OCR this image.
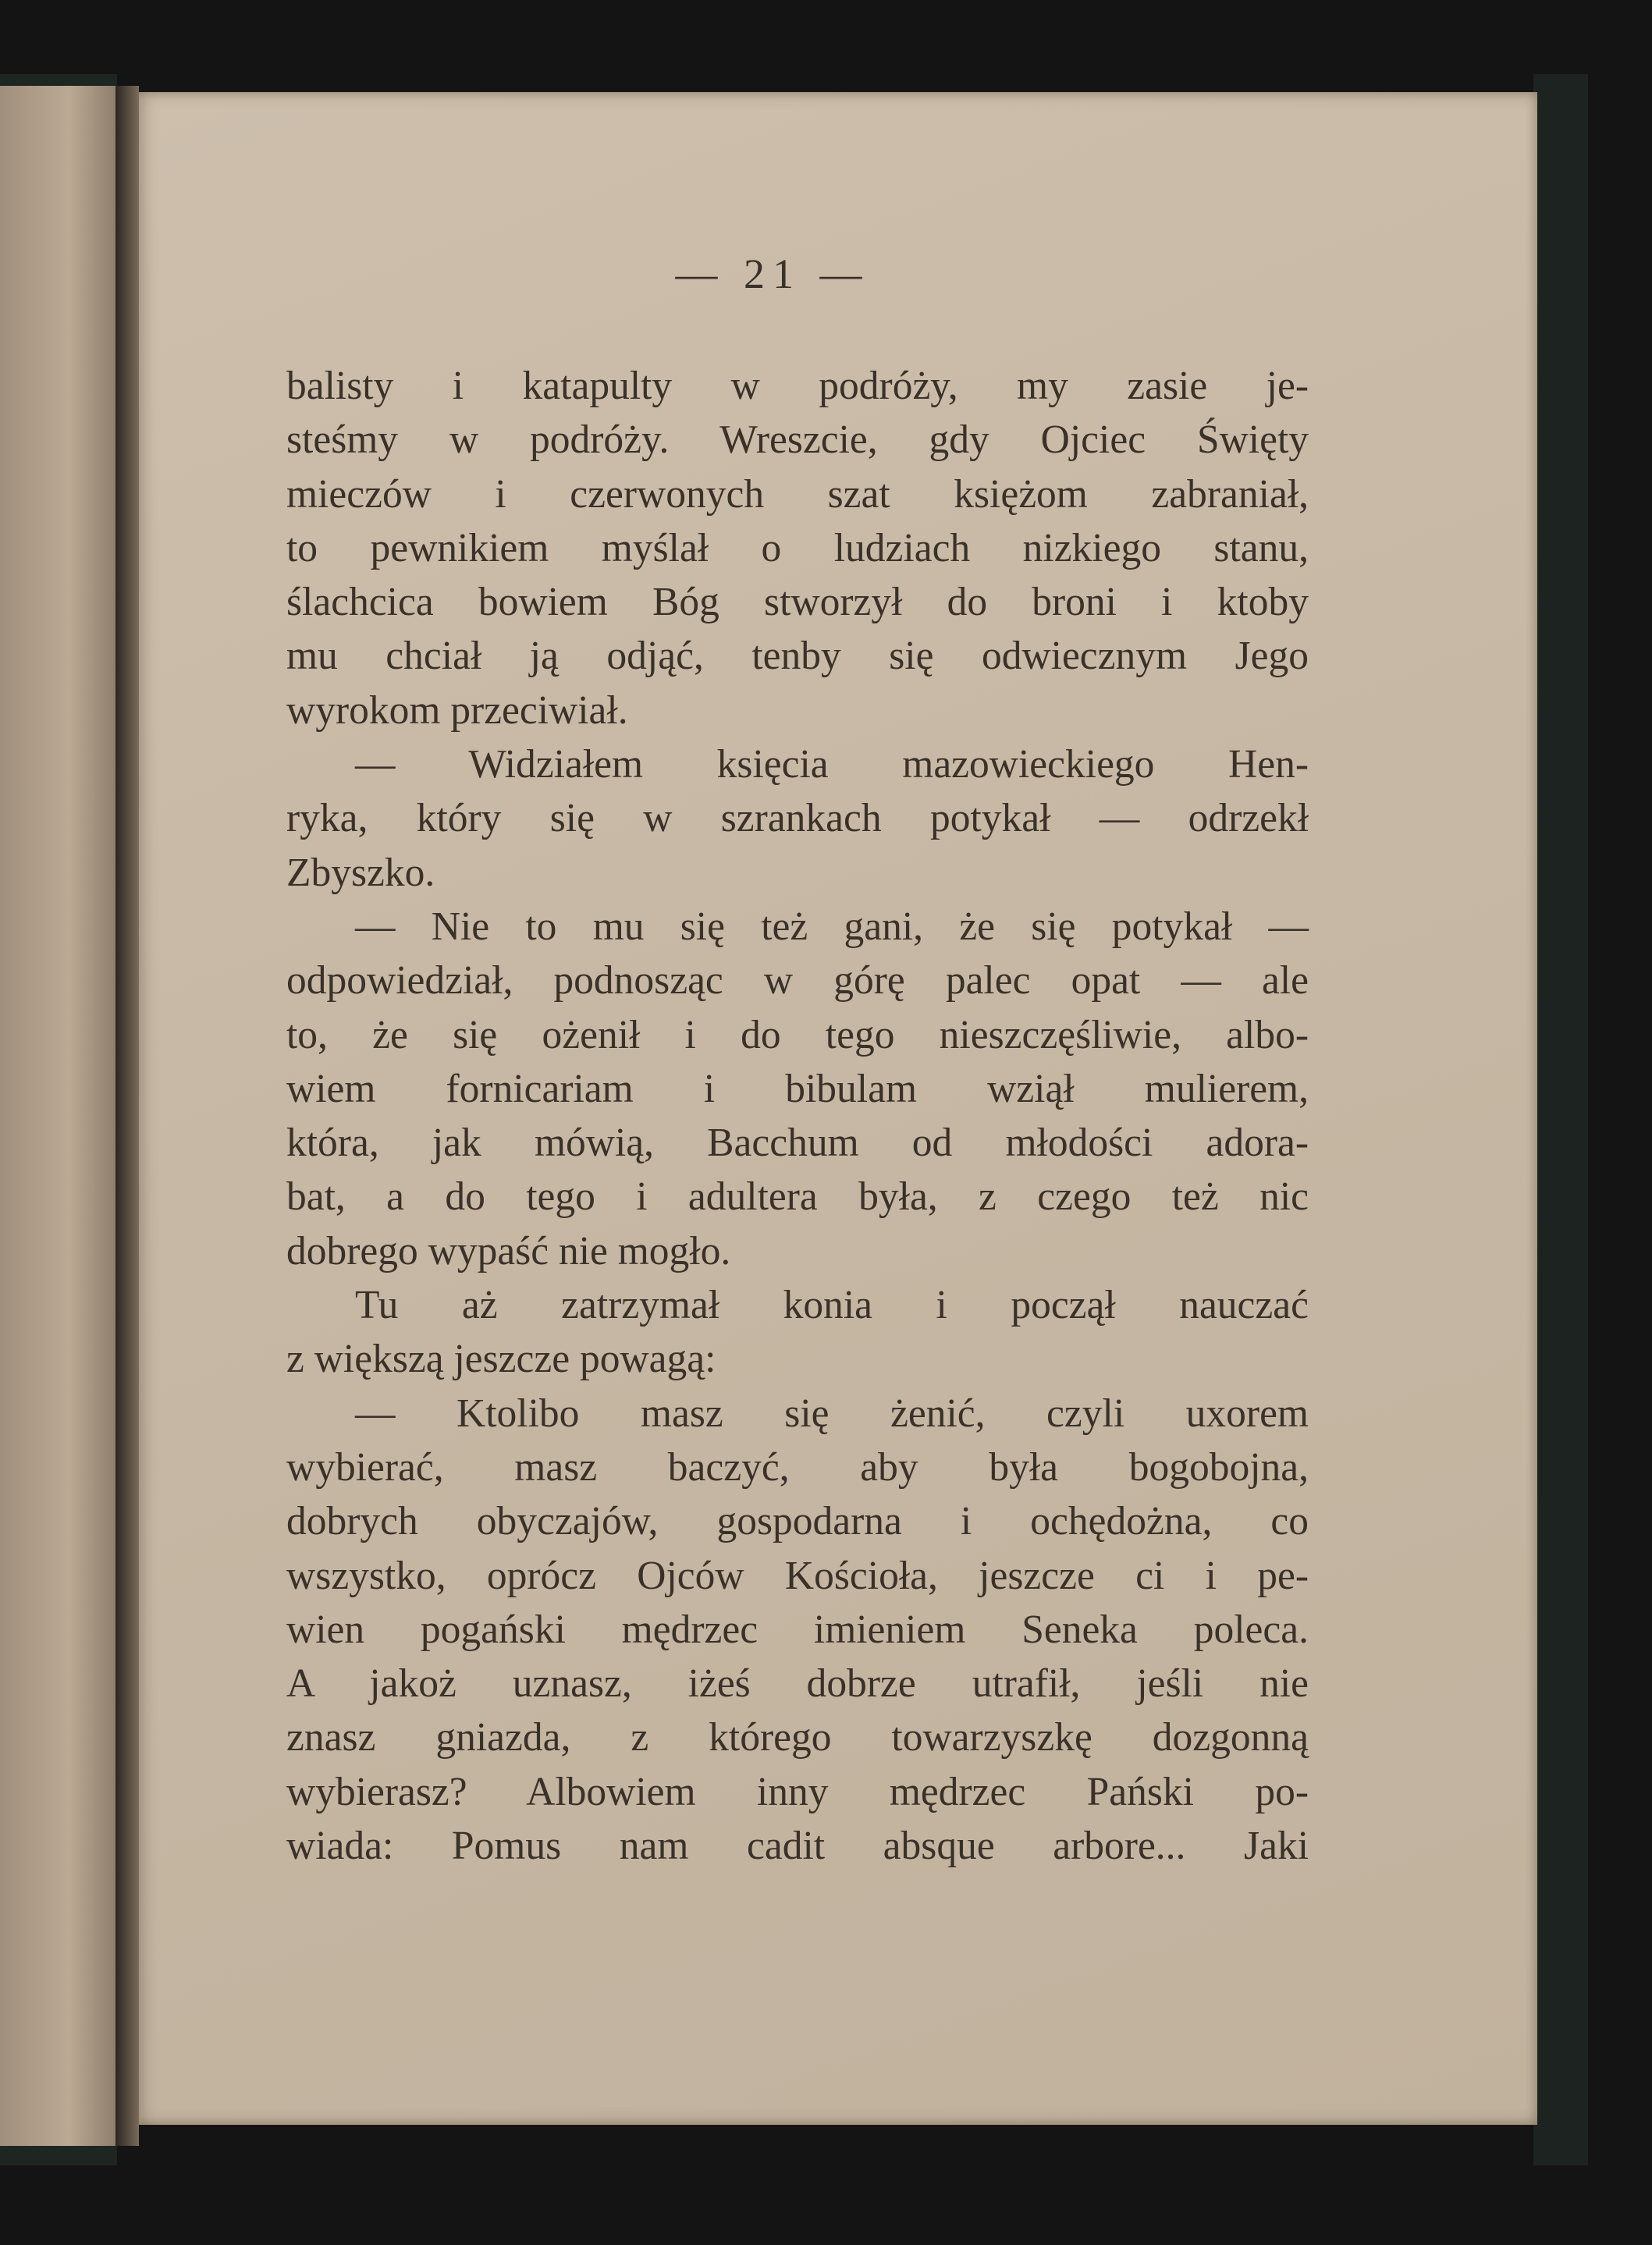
— 21 —
balisty i katapulty w podróży, my zasie je-
steśmy w podróży. Wreszcie, gdy Ojciec Święty
mieczów i czerwonych szat księżom zabraniał,
to pewnikiem myślał o ludziach nizkiego stanu,
ślachcica bowiem Bóg stworzył do broni i ktoby
mu chciał ją odjąć, tenby się odwiecznym Jego
wyrokom przeciwiał.
— Widziałem księcia mazowieckiego Hen-
ryka, który się w szrankach potykał — odrzekł
Zbyszko.
— Nie to mu się też gani, że się potykał —
odpowiedział, podnosząc w górę palec opat — ale
to, że się ożenił i do tego nieszczęśliwie, albo-
wiem fornicariam i bibulam wziął mulierem,
która, jak mówią, Bacchum od młodości adora-
bat, a do tego i adultera była, z czego też nic
dobrego wypaść nie mogło.
Tu aż zatrzymał konia i począł nauczać
z większą jeszcze powagą:
— Ktolibo masz się żenić, czyli uxorem
wybierać, masz baczyć, aby była bogobojna,
dobrych obyczajów, gospodarna i ochędożna, co
wszystko, oprócz Ojców Kościoła, jeszcze ci i pe-
wien pogański mędrzec imieniem Seneka poleca.
A jakoż uznasz, iżeś dobrze utrafił, jeśli nie
znasz gniazda, z którego towarzyszkę dozgonną
wybierasz? Albowiem inny mędrzec Pański po-
wiada: Pomus nam cadit absque arbore... Jaki
